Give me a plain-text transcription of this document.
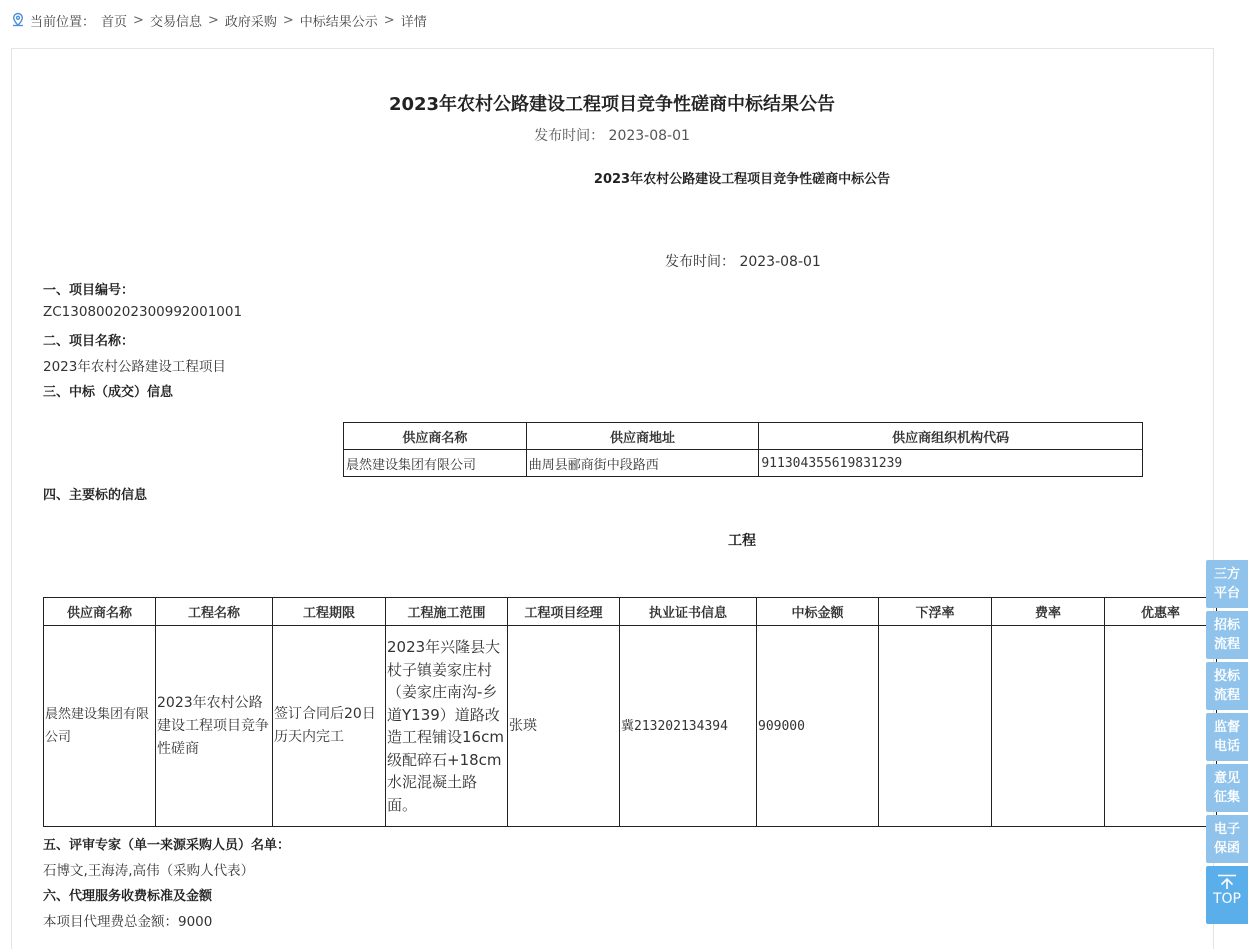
当前位置： 首页 > 交易信息 > 政府采购 > 中标结果公示 > 详情
2023年农村公路建设工程项目竞争性磋商中标结果公告
发布时间： 2023-08-01
2023年农村公路建设工程项目竞争性磋商中标公告
发布时间： 2023-08-01
一、项目编号：
ZC130800202300992001001
二、项目名称：
2023年农村公路建设工程项目
三、中标（成交）信息
供应商名称	供应商地址	供应商组织机构代码
晨然建设集团有限公司	曲周县郦商街中段路西	911304355619831239
四、主要标的信息
工程
供应商名称	工程名称	工程期限	工程施工范围	工程项目经理	执业证书信息	中标金额	下浮率	费率	优惠率
晨然建设集团有限公司	2023年农村公路建设工程项目竞争性磋商	签订合同后20日历天内完工	2023年兴隆县大杖子镇姜家庄村（姜家庄南沟-乡道Y139）道路改造工程铺设16cm级配碎石+18cm水泥混凝土路面。	张瑛	冀213202134394	909000			
五、评审专家（单一来源采购人员）名单：
石博文,王海涛,高伟（采购人代表）
六、代理服务收费标准及金额
本项目代理费总金额：9000
三方
平台
招标
流程
投标
流程
监督
电话
意见
征集
电子
保函
TOP
